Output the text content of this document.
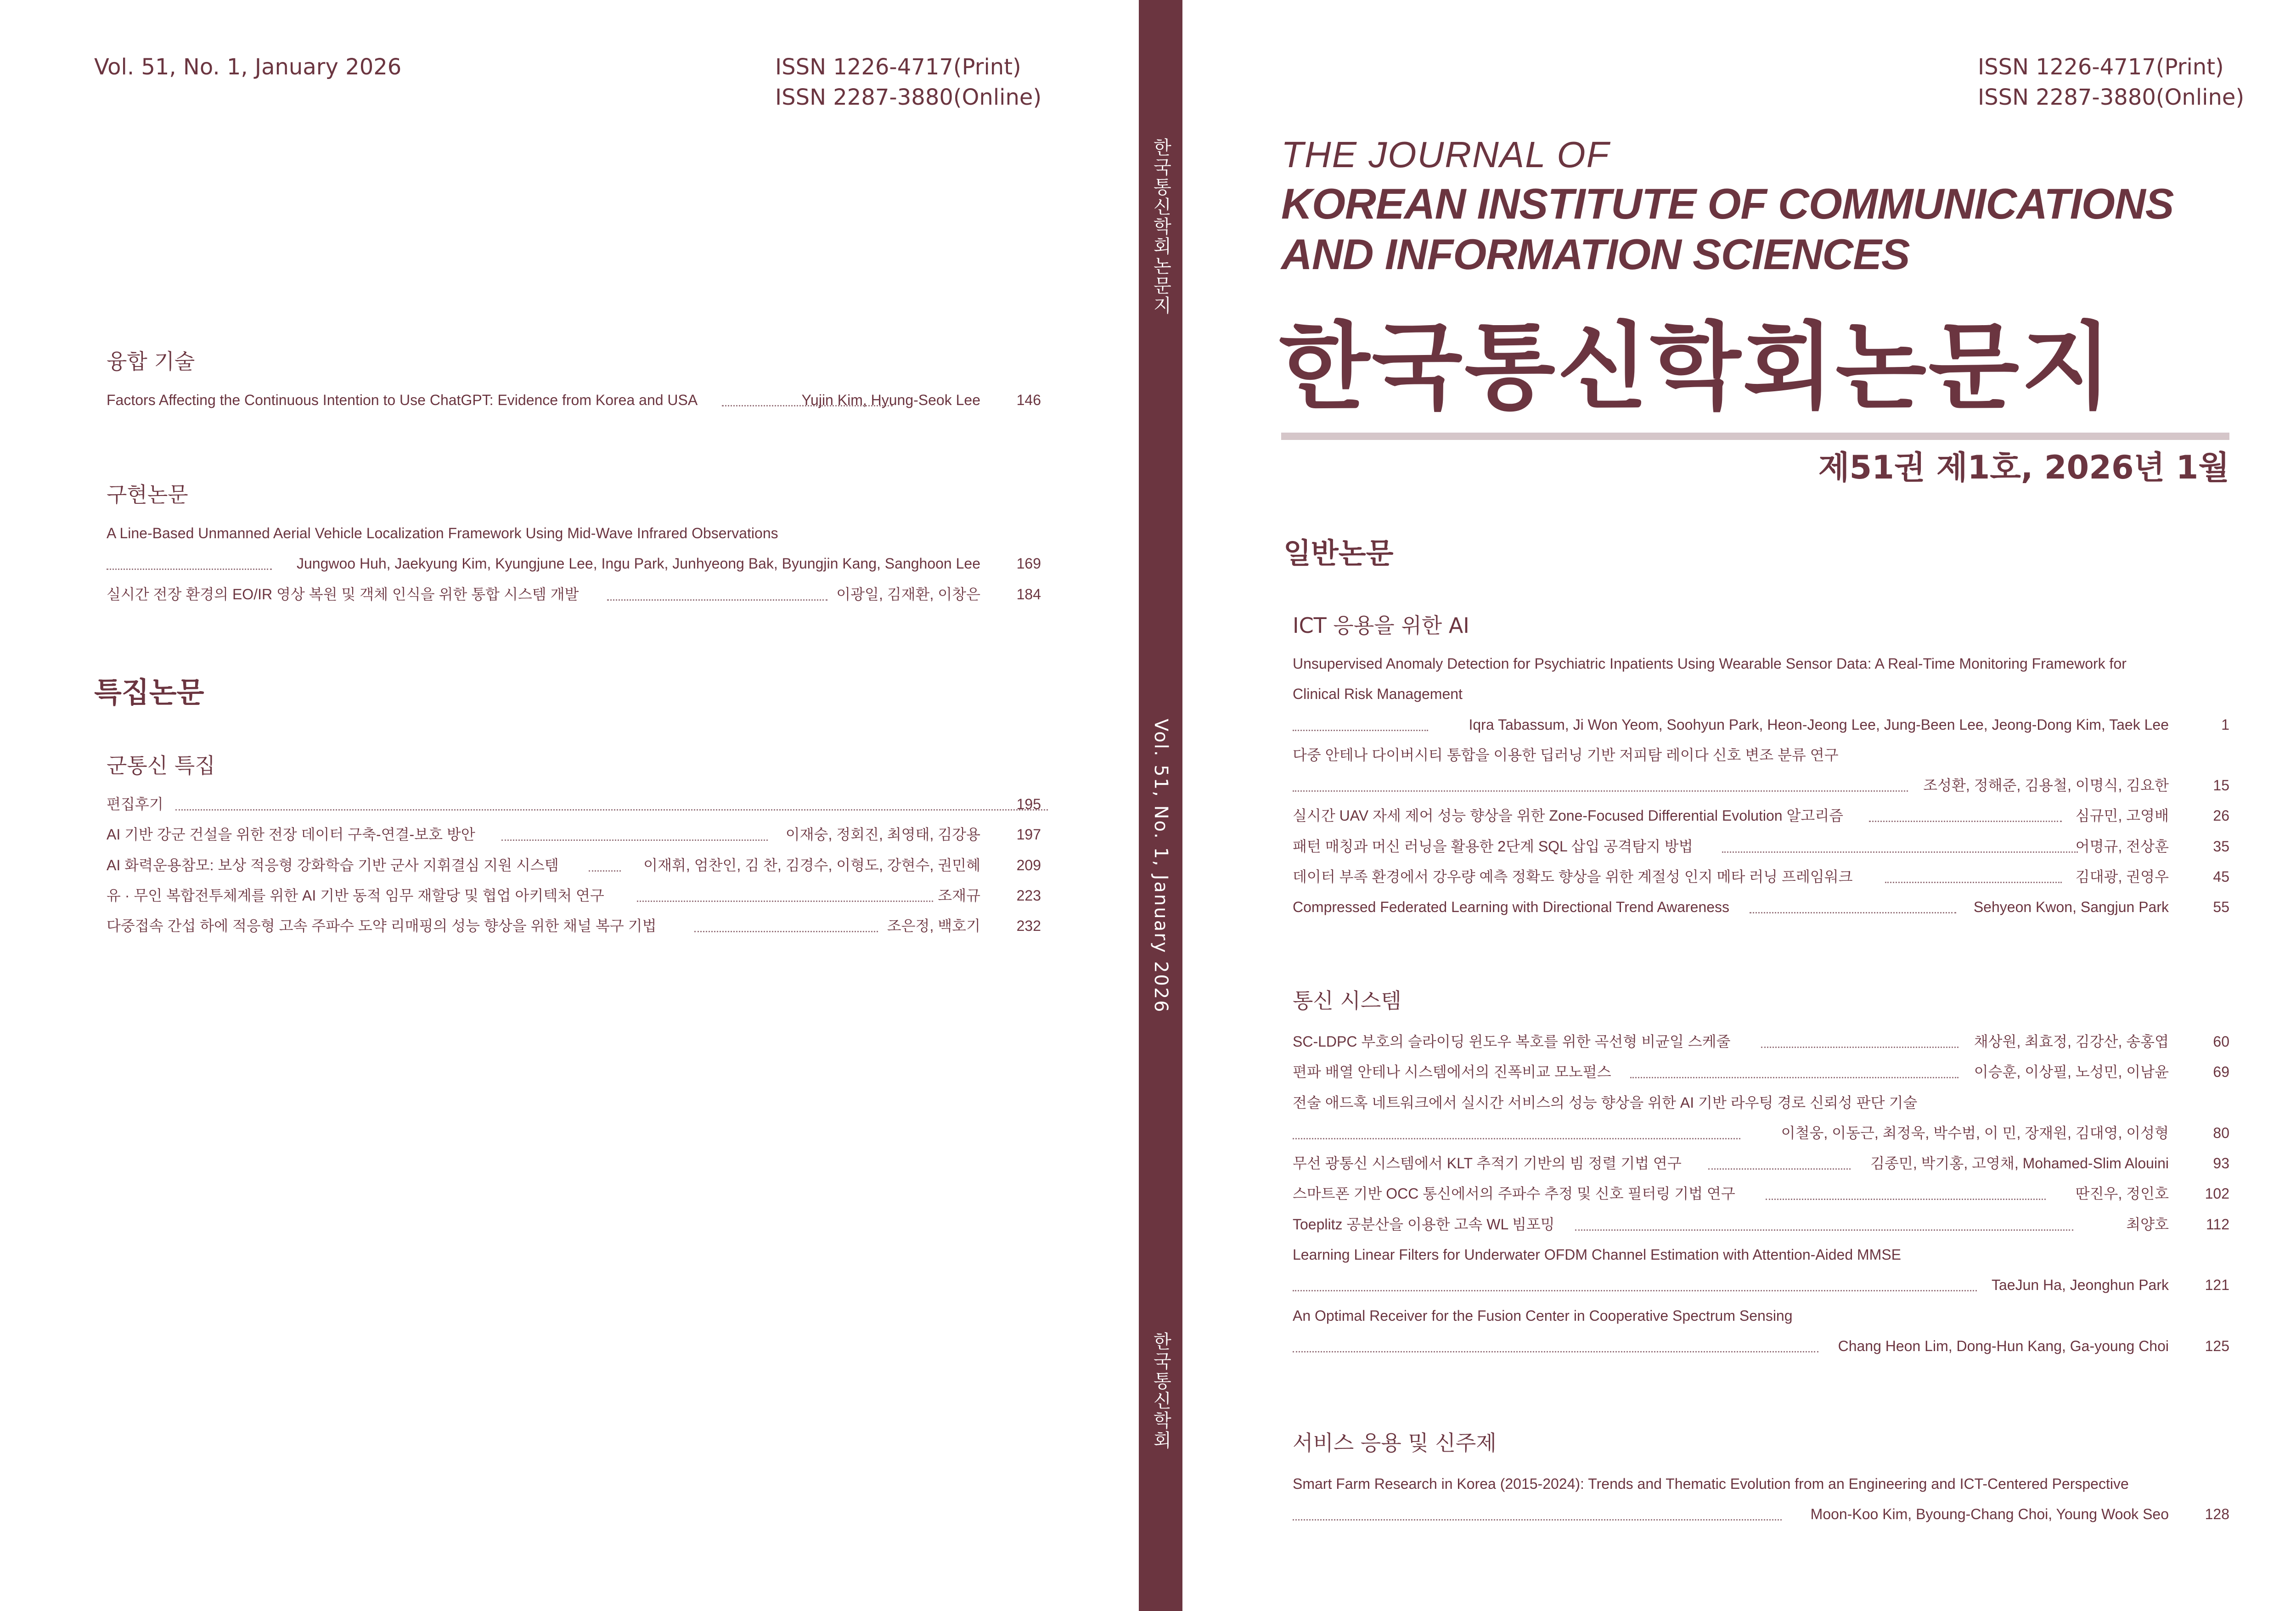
Vol. 51, No. 1, January 2026	ISSN 1226-4717(Print)
ISSN 2287-3880(Online)
융합 기술
Factors Affecting the Continuous Intention to Use ChatGPT: Evidence from Korea and USA	Yujin Kim, Hyung-Seok Lee 146
구현논문
A Line-Based Unmanned Aerial Vehicle Localization Framework Using Mid-Wave Infrared Observations
Jungwoo Huh, Jaekyung Kim, Kyungjune Lee, Ingu Park, Junhyeong Bak, Byungjin Kang, Sanghoon Lee 169
실시간 전장 환경의 EO/IR 영상 복원 및 객체 인식을 위한 통합 시스템 개발	이광일, 김재환, 이창은 184
특집논문
군통신 특집
편집후기	195
AI 기반 강군 건설을 위한 전장 데이터 구축-연결-보호 방안	이재숭, 정회진, 최영태, 김강용 197
AI 화력운용참모: 보상 적응형 강화학습 기반 군사 지휘결심 지원 시스템	이재휘, 엄찬인, 김 찬, 김경수, 이형도, 강현수, 권민혜 209
유 · 무인 복합전투체계를 위한 AI 기반 동적 임무 재할당 및 협업 아키텍처 연구	조재규 223
다중접속 간섭 하에 적응형 고속 주파수 도약 리매핑의 성능 향상을 위한 채널 복구 기법	조은정, 백호기 232
한국통신학회논문지
Vol. 51, No. 1, January 2026
한국통신학회
ISSN 1226-4717(Print)
ISSN 2287-3880(Online)
THE JOURNAL OF
KOREAN INSTITUTE OF COMMUNICATIONS
AND INFORMATION SCIENCES
한국통신학회논문지
제51권 제1호, 2026년 1월
일반논문
ICT 응용을 위한 AI
Unsupervised Anomaly Detection for Psychiatric Inpatients Using Wearable Sensor Data: A Real-Time Monitoring Framework for
Clinical Risk Management
Iqra Tabassum, Ji Won Yeom, Soohyun Park, Heon-Jeong Lee, Jung-Been Lee, Jeong-Dong Kim, Taek Lee	1
다중 안테나 다이버시티 통합을 이용한 딥러닝 기반 저피탐 레이다 신호 변조 분류 연구
조성환, 정해준, 김용철, 이명식, 김요한	15
실시간 UAV 자세 제어 성능 향상을 위한 Zone-Focused Differential Evolution 알고리즘	심규민, 고영배	26
패턴 매칭과 머신 러닝을 활용한 2단계 SQL 삽입 공격탐지 방법	어명규, 전상훈	35
데이터 부족 환경에서 강우량 예측 정확도 향상을 위한 계절성 인지 메타 러닝 프레임워크	김대광, 권영우	45
Compressed Federated Learning with Directional Trend Awareness	Sehyeon Kwon, Sangjun Park	55
통신 시스템
SC-LDPC 부호의 슬라이딩 윈도우 복호를 위한 곡선형 비균일 스케줄	채상원, 최효정, 김강산, 송홍엽	60
편파 배열 안테나 시스템에서의 진폭비교 모노펄스	이승훈, 이상필, 노성민, 이남윤	69
전술 애드혹 네트워크에서 실시간 서비스의 성능 향상을 위한 AI 기반 라우팅 경로 신뢰성 판단 기술
이철웅, 이동근, 최정욱, 박수범, 이 민, 장재원, 김대영, 이성형	80
무선 광통신 시스템에서 KLT 추적기 기반의 빔 정렬 기법 연구	김종민, 박기홍, 고영채, Mohamed-Slim Alouini	93
스마트폰 기반 OCC 통신에서의 주파수 추정 및 신호 필터링 기법 연구	딴진우, 정인호 102
Toeplitz 공분산을 이용한 고속 WL 빔포밍	최양호	112
Learning Linear Filters for Underwater OFDM Channel Estimation with Attention-Aided MMSE
TaeJun Ha, Jeonghun Park 121
An Optimal Receiver for the Fusion Center in Cooperative Spectrum Sensing
Chang Heon Lim, Dong-Hun Kang, Ga-young Choi 125
서비스 응용 및 신주제
Smart Farm Research in Korea (2015-2024): Trends and Thematic Evolution from an Engineering and ICT-Centered Perspective
Moon-Koo Kim, Byoung-Chang Choi, Young Wook Seo 128
